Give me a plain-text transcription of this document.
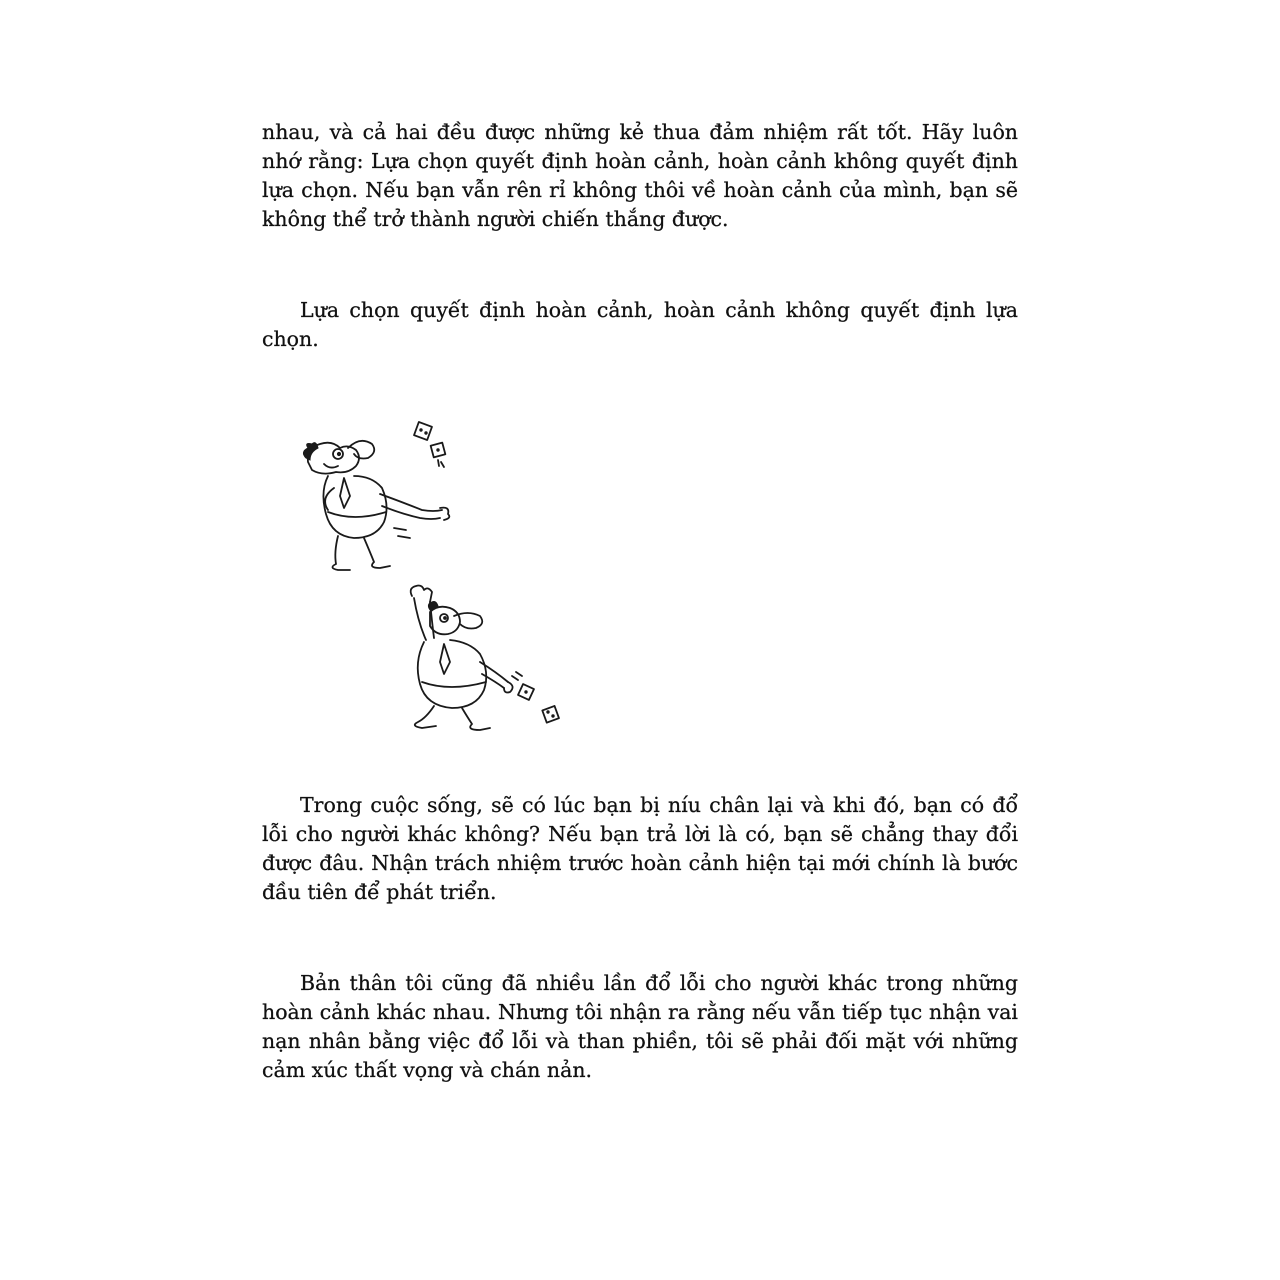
nhau, và cả hai đều được những kẻ thua đảm nhiệm rất tốt. Hãy luôn nhớ rằng: Lựa chọn quyết định hoàn cảnh, hoàn cảnh không quyết định lựa chọn. Nếu bạn vẫn rên rỉ không thôi về hoàn cảnh của mình, bạn sẽ không thể trở thành người chiến thắng được.

Lựa chọn quyết định hoàn cảnh, hoàn cảnh không quyết định lựa chọn.

Trong cuộc sống, sẽ có lúc bạn bị níu chân lại và khi đó, bạn có đổ lỗi cho người khác không? Nếu bạn trả lời là có, bạn sẽ chẳng thay đổi được đâu. Nhận trách nhiệm trước hoàn cảnh hiện tại mới chính là bước đầu tiên để phát triển.

Bản thân tôi cũng đã nhiều lần đổ lỗi cho người khác trong những hoàn cảnh khác nhau. Nhưng tôi nhận ra rằng nếu vẫn tiếp tục nhận vai nạn nhân bằng việc đổ lỗi và than phiền, tôi sẽ phải đối mặt với những cảm xúc thất vọng và chán nản.
